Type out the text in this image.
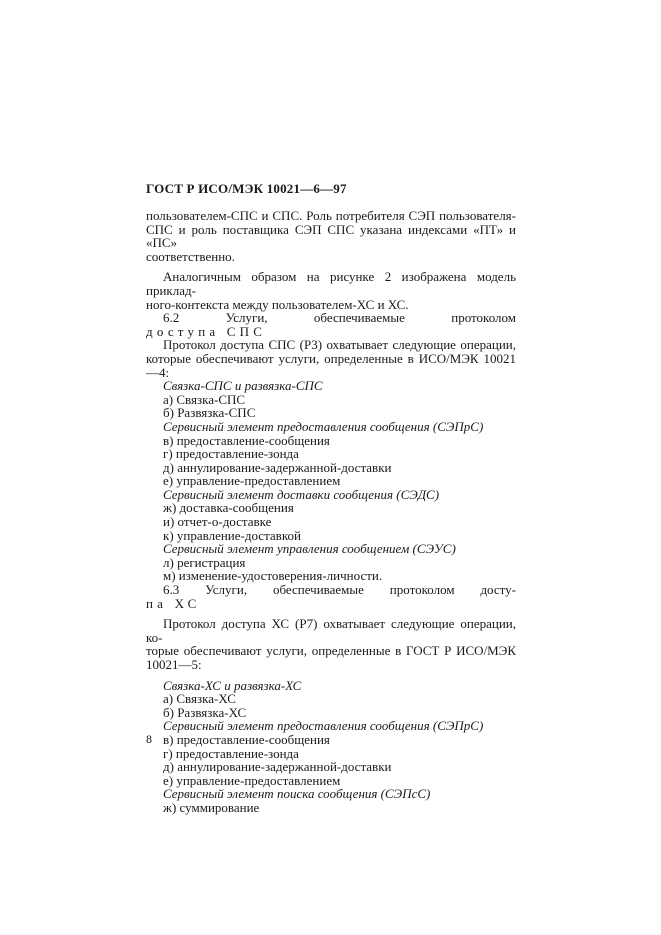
ГОСТ Р ИСО/МЭК 10021—6—97

пользователем-СПС и СПС. Роль потребителя СЭП пользователя-

СПС и роль поставщика СЭП СПС указана индексами «ПТ» и «ПС»

соответственно.

Аналогичным образом на рисунке 2 изображена модель приклад-

ного-контекста между пользователем-ХС и ХС.

6.2 Услуги, обеспечиваемые протоколом

доступа СПС

Протокол доступа СПС (Р3) охватывает следующие операции,

которые обеспечивают услуги, определенные в ИСО/МЭК 10021—4:

Связка-СПС и развязка-СПС

а) Связка-СПС

б) Развязка-СПС

Сервисный элемент предоставления сообщения (СЭПрС)

в) предоставление-сообщения

г) предоставление-зонда

д) аннулирование-задержанной-доставки

е) управление-предоставлением

Сервисный элемент доставки сообщения (СЭДС)

ж) доставка-сообщения

и) отчет-о-доставке

к) управление-доставкой

Сервисный элемент управления сообщением (СЭУС)

л) регистрация

м) изменение-удостоверения-личности.

6.3 Услуги, обеспечиваемые протоколом досту-

па ХС

Протокол доступа ХС (Р7) охватывает следующие операции, ко-

торые обеспечивают услуги, определенные в ГОСТ Р ИСО/МЭК

10021—5:

Связка-ХС и развязка-ХС

а) Связка-ХС

б) Развязка-ХС

Сервисный элемент предоставления сообщения (СЭПрС)

в) предоставление-сообщения

г) предоставление-зонда

д) аннулирование-задержанной-доставки

е) управление-предоставлением

Сервисный элемент поиска сообщения (СЭПсС)

ж) суммирование

8
